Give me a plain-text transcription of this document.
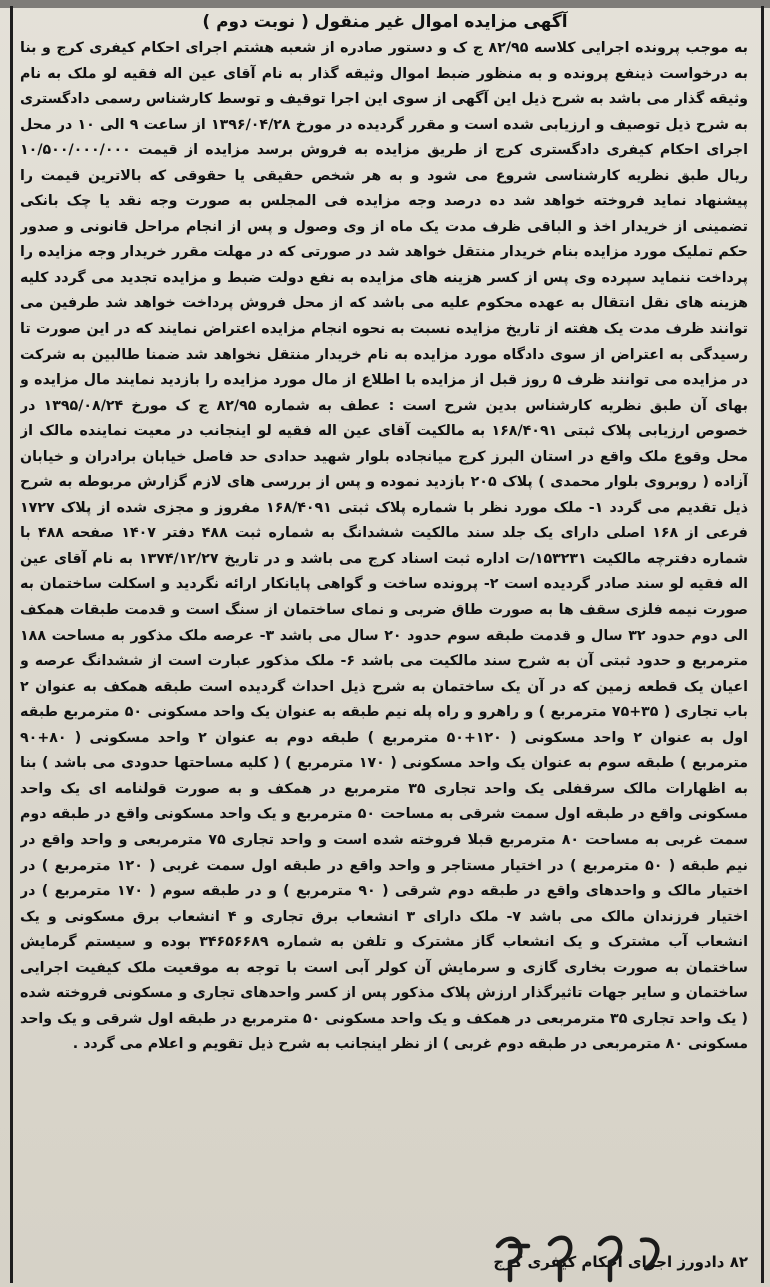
آگهی مزایده اموال غیر منقول ( نوبت دوم )
به موجب پرونده اجرایی کلاسه ۸۲/۹۵ ج ک و دستور صادره از شعبه هشتم اجرای احکام کیفری کرج و بنا به درخواست ذینفع پرونده و به منظور ضبط اموال وثیقه گذار به نام آقای عین اله فقیه لو ملک به نام وثیقه گذار می باشد به شرح ذیل این آگهی از سوی این اجرا توقیف و توسط کارشناس رسمی دادگستری به شرح ذیل توصیف و ارزیابی شده است و مقرر گردیده در مورخ ۱۳۹۶/۰۴/۲۸ از ساعت ۹ الی ۱۰ در محل اجرای احکام کیفری دادگستری کرج از طریق مزایده به فروش برسد مزایده از قیمت ۱۰/۵۰۰/۰۰۰/۰۰۰ ریال طبق نظریه کارشناسی شروع می شود و به هر شخص حقیقی یا حقوقی که بالاترین قیمت را پیشنهاد نماید فروخته خواهد شد ده درصد وجه مزایده فی المجلس به صورت وجه نقد یا چک بانکی تضمینی از خریدار اخذ و الباقی ظرف مدت یک ماه از وی وصول و پس از انجام مراحل قانونی و صدور حکم تملیک مورد مزایده بنام خریدار منتقل خواهد شد در صورتی که در مهلت مقرر خریدار وجه مزایده را پرداخت ننماید سپرده وی پس از کسر هزینه های مزایده به نفع دولت ضبط و مزایده تجدید می گردد کلیه هزینه های نقل انتقال به عهده محکوم علیه می باشد که از محل فروش پرداخت خواهد شد طرفین می توانند ظرف مدت یک هفته از تاریخ مزایده نسبت به نحوه انجام مزایده اعتراض نمایند که در این صورت تا رسیدگی به اعتراض از سوی دادگاه مورد مزایده به نام خریدار منتقل نخواهد شد ضمنا طالبین به شرکت در مزایده می توانند ظرف ۵ روز قبل از مزایده با اطلاع از مال مورد مزایده را بازدید نمایند مال مزایده و بهای آن طبق نظریه کارشناس بدین شرح است : عطف به شماره ۸۲/۹۵ ج ک مورخ ۱۳۹۵/۰۸/۲۴ در خصوص ارزیابی پلاک ثبتی ۱۶۸/۴۰۹۱ به مالکیت آقای عین اله فقیه لو اینجانب در معیت نماینده مالک از محل وقوع ملک واقع در استان البرز کرج میانجاده بلوار شهید حدادی حد فاصل خیابان برادران و خیابان آزاده ( روبروی بلوار محمدی ) پلاک ۲۰۵ بازدید نموده و پس از بررسی های لازم گزارش مربوطه به شرح ذیل تقدیم می گردد ۱- ملک مورد نظر با شماره پلاک ثبتی ۱۶۸/۴۰۹۱ مفروز و مجزی شده از پلاک ۱۷۲۷ فرعی از ۱۶۸ اصلی دارای یک جلد سند مالکیت ششدانگ به شماره ثبت ۴۸۸ دفتر ۱۴۰۷ صفحه ۴۸۸ با شماره دفترچه مالکیت ۱۵۳۲۳۱/ت اداره ثبت اسناد کرج می باشد و در تاریخ ۱۳۷۴/۱۲/۲۷ به نام آقای عین اله فقیه لو سند صادر گردیده است ۲- پرونده ساخت و گواهی پایانکار ارائه نگردید و اسکلت ساختمان به صورت نیمه فلزی سقف ها به صورت طاق ضربی و نمای ساختمان از سنگ است و قدمت طبقات همکف الی دوم حدود ۳۲ سال و قدمت طبقه سوم حدود ۲۰ سال می باشد ۳- عرصه ملک مذکور به مساحت ۱۸۸ مترمربع و حدود ثبتی آن به شرح سند مالکیت می باشد ۶- ملک مذکور عبارت است از ششدانگ عرصه و اعیان یک قطعه زمین که در آن یک ساختمان به شرح ذیل احداث گردیده است طبقه همکف به عنوان ۲ باب تجاری ( ۳۵+۷۵ مترمربع ) و راهرو و راه پله نیم طبقه به عنوان یک واحد مسکونی ۵۰ مترمربع طبقه اول به عنوان ۲ واحد مسکونی ( ۱۲۰+۵۰ مترمربع ) طبقه دوم به عنوان ۲ واحد مسکونی ( ۸۰+۹۰ مترمربع ) طبقه سوم به عنوان یک واحد مسکونی ( ۱۷۰ مترمربع ) ( کلیه مساحتها حدودی می باشد ) بنا به اظهارات مالک سرقفلی یک واحد تجاری ۳۵ مترمربع در همکف و به صورت قولنامه ای یک واحد مسکونی واقع در طبقه اول سمت شرقی به مساحت ۵۰ مترمربع و یک واحد مسکونی واقع در طبقه دوم سمت غربی به مساحت ۸۰ مترمربع قبلا فروخته شده است و واحد تجاری ۷۵ مترمربعی و واحد واقع در نیم طبقه ( ۵۰ مترمربع ) در اختیار مستاجر و واحد واقع در طبقه اول سمت غربی ( ۱۲۰ مترمربع ) در اختیار مالک و واحدهای واقع در طبقه دوم شرقی ( ۹۰ مترمربع ) و در طبقه سوم ( ۱۷۰ مترمربع ) در اختیار فرزندان مالک می باشد ۷- ملک دارای ۳ انشعاب برق تجاری و ۴ انشعاب برق مسکونی و یک انشعاب آب مشترک و یک انشعاب گاز مشترک و تلفن به شماره ۳۴۶۵۶۶۸۹ بوده و سیستم گرمایش ساختمان به صورت بخاری گازی و سرمایش آن کولر آبی است با توجه به موقعیت ملک کیفیت اجرایی ساختمان و سایر جهات تاثیرگذار ارزش پلاک مذکور پس از کسر واحدهای تجاری و مسکونی فروخته شده ( یک واحد تجاری ۳۵ مترمربعی در همکف و یک واحد مسکونی ۵۰ مترمربع در طبقه اول شرقی و یک واحد مسکونی ۸۰ مترمربعی در طبقه دوم غربی ) از نظر اینجانب به شرح ذیل تقویم و اعلام می گردد .
۸۲ دادورز اجرای احکام کیفری کرج
